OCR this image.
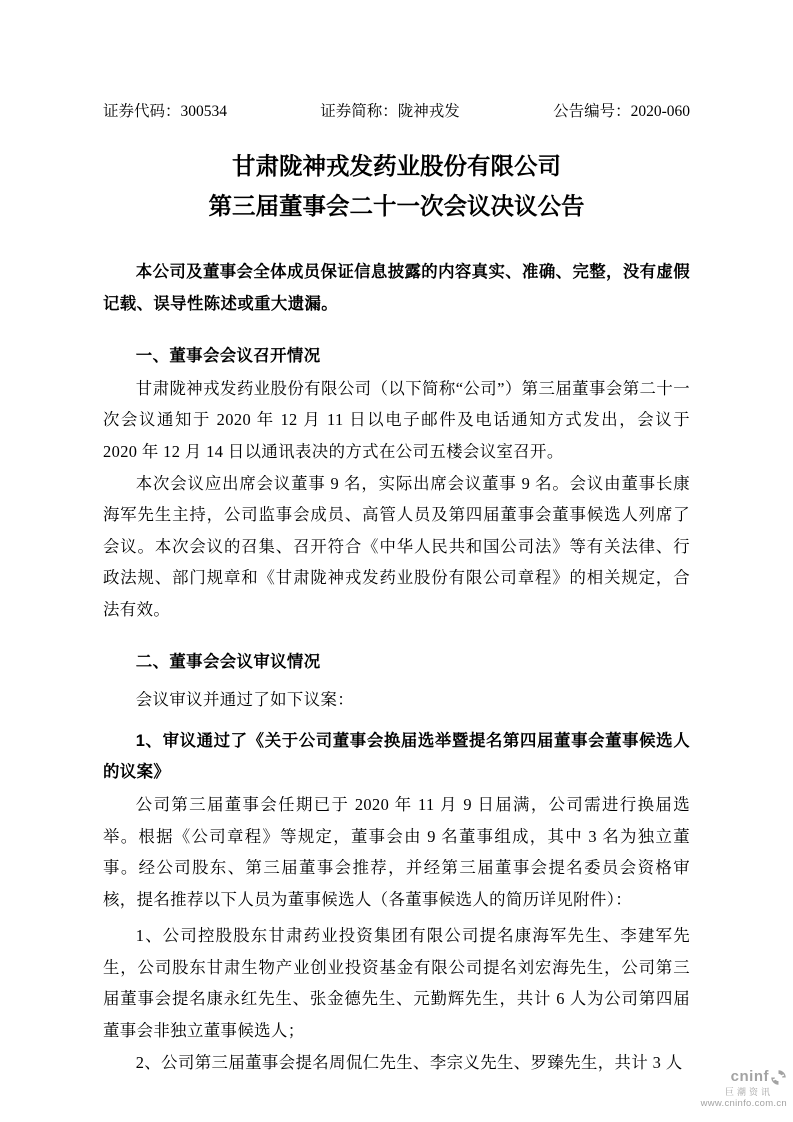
证券代码：300534	证券简称：陇神戎发	公告编号：2020-060
甘肃陇神戎发药业股份有限公司
第三届董事会二十一次会议决议公告

本公司及董事会全体成员保证信息披露的内容真实、准确、完整，没有虚假记载、误导性陈述或重大遗漏。

一、董事会会议召开情况

甘肃陇神戎发药业股份有限公司（以下简称“公司”）第三届董事会第二十一次会议通知于 2020 年 12 月 11 日以电子邮件及电话通知方式发出，会议于 2020 年 12 月 14 日以通讯表决的方式在公司五楼会议室召开。

本次会议应出席会议董事 9 名，实际出席会议董事 9 名。会议由董事长康海军先生主持，公司监事会成员、高管人员及第四届董事会董事候选人列席了会议。本次会议的召集、召开符合《中华人民共和国公司法》等有关法律、行政法规、部门规章和《甘肃陇神戎发药业股份有限公司章程》的相关规定，合法有效。

二、董事会会议审议情况

会议审议并通过了如下议案：

1、审议通过了《关于公司董事会换届选举暨提名第四届董事会董事候选人的议案》

公司第三届董事会任期已于 2020 年 11 月 9 日届满，公司需进行换届选举。根据《公司章程》等规定，董事会由 9 名董事组成，其中 3 名为独立董事。经公司股东、第三届董事会推荐，并经第三届董事会提名委员会资格审核，提名推荐以下人员为董事候选人（各董事候选人的简历详见附件）：

1、公司控股股东甘肃药业投资集团有限公司提名康海军先生、李建军先生，公司股东甘肃生物产业创业投资基金有限公司提名刘宏海先生，公司第三届董事会提名康永红先生、张金德先生、元勤辉先生，共计 6 人为公司第四届董事会非独立董事候选人；

2、公司第三届董事会提名周侃仁先生、李宗义先生、罗臻先生，共计 3 人

cninf
巨潮资讯
www.cninfo.com.cn
